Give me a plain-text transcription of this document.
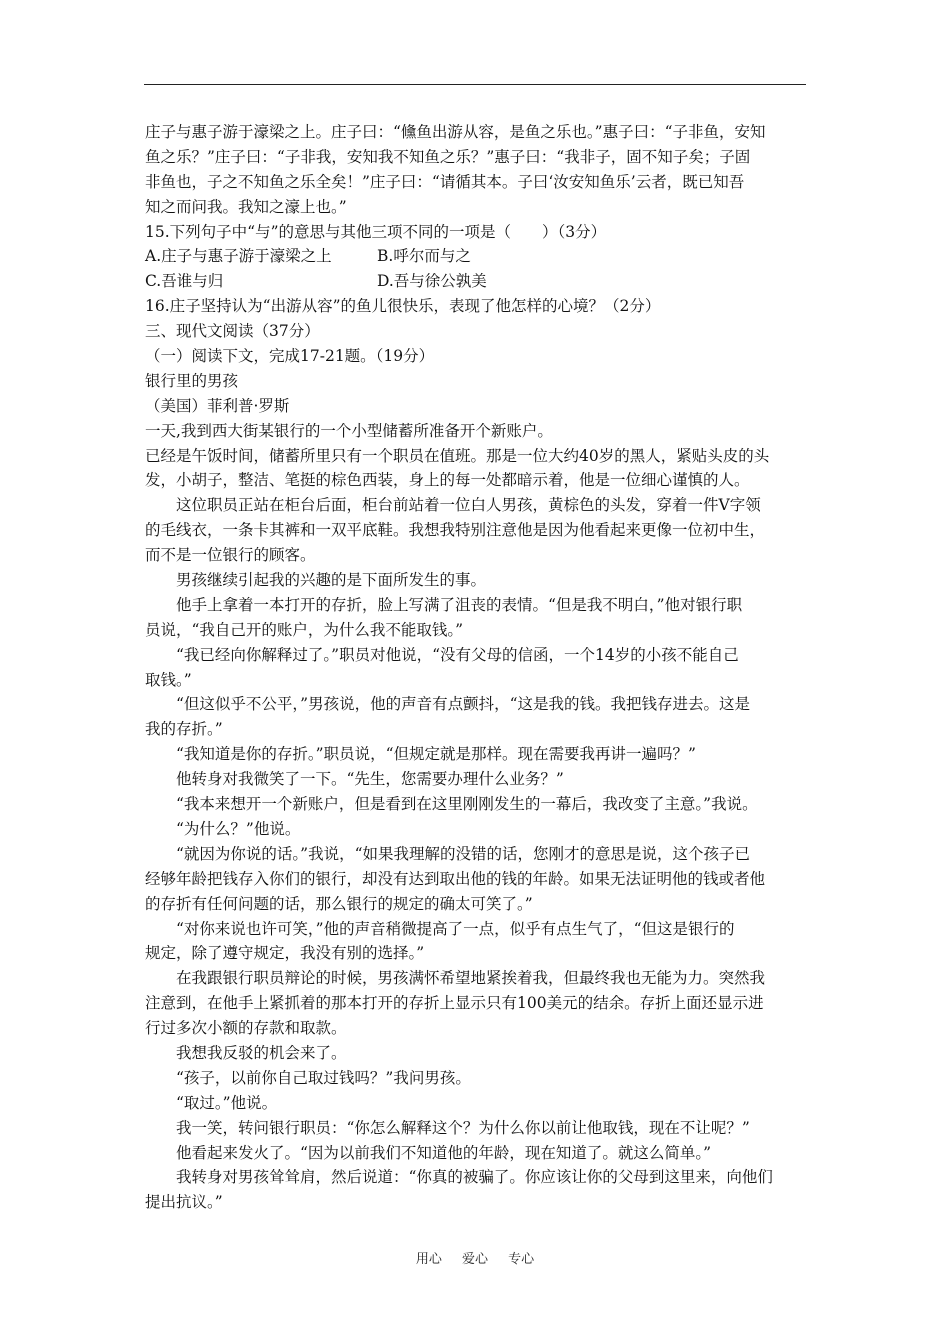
庄子与惠子游于濠梁之上。庄子曰：“儵鱼出游从容，是鱼之乐也。”惠子曰：“子非鱼，安知
鱼之乐？”庄子曰：“子非我，安知我不知鱼之乐？”惠子曰：“我非子，固不知子矣；子固
非鱼也，子之不知鱼之乐全矣！”庄子曰：“请循其本。子曰‘汝安知鱼乐’云者，既已知吾
知之而问我。我知之濠上也。”
15.下列句子中“与”的意思与其他三项不同的一项是（　　）（3分）
A.庄子与惠子游于濠梁之上	B.呼尔而与之
C.吾谁与归	D.吾与徐公孰美
16.庄子坚持认为“出游从容”的鱼儿很快乐，表现了他怎样的心境？（2分）
三、现代文阅读（37分）
（一）阅读下文，完成17-21题。（19分）
银行里的男孩
（美国）菲利普·罗斯
一天,我到西大街某银行的一个小型储蓄所准备开个新账户。
已经是午饭时间，储蓄所里只有一个职员在值班。那是一位大约40岁的黑人，紧贴头皮的头
发，小胡子，整洁、笔挺的棕色西装，身上的每一处都暗示着，他是一位细心谨慎的人。
这位职员正站在柜台后面，柜台前站着一位白人男孩，黄棕色的头发，穿着一件V字领
的毛线衣，一条卡其裤和一双平底鞋。我想我特别注意他是因为他看起来更像一位初中生，
而不是一位银行的顾客。
男孩继续引起我的兴趣的是下面所发生的事。
他手上拿着一本打开的存折，脸上写满了沮丧的表情。“但是我不明白，”他对银行职
员说，“我自己开的账户，为什么我不能取钱。”
“我已经向你解释过了。”职员对他说，“没有父母的信函，一个14岁的小孩不能自己
取钱。”
“但这似乎不公平，”男孩说，他的声音有点颤抖，“这是我的钱。我把钱存进去。这是
我的存折。”
“我知道是你的存折。”职员说，“但规定就是那样。现在需要我再讲一遍吗？”
他转身对我微笑了一下。“先生，您需要办理什么业务？”
“我本来想开一个新账户，但是看到在这里刚刚发生的一幕后，我改变了主意。”我说。
“为什么？”他说。
“就因为你说的话。”我说，“如果我理解的没错的话，您刚才的意思是说，这个孩子已
经够年龄把钱存入你们的银行，却没有达到取出他的钱的年龄。如果无法证明他的钱或者他
的存折有任何问题的话，那么银行的规定的确太可笑了。”
“对你来说也许可笑，”他的声音稍微提高了一点，似乎有点生气了，“但这是银行的
规定，除了遵守规定，我没有别的选择。”
在我跟银行职员辩论的时候，男孩满怀希望地紧挨着我，但最终我也无能为力。突然我
注意到，在他手上紧抓着的那本打开的存折上显示只有100美元的结余。存折上面还显示进
行过多次小额的存款和取款。
我想我反驳的机会来了。
“孩子，以前你自己取过钱吗？”我问男孩。
“取过。”他说。
我一笑，转问银行职员：“你怎么解释这个？为什么你以前让他取钱，现在不让呢？”
他看起来发火了。“因为以前我们不知道他的年龄，现在知道了。就这么简单。”
我转身对男孩耸耸肩，然后说道：“你真的被骗了。你应该让你的父母到这里来，向他们
提出抗议。”
用心 爱心 专心
